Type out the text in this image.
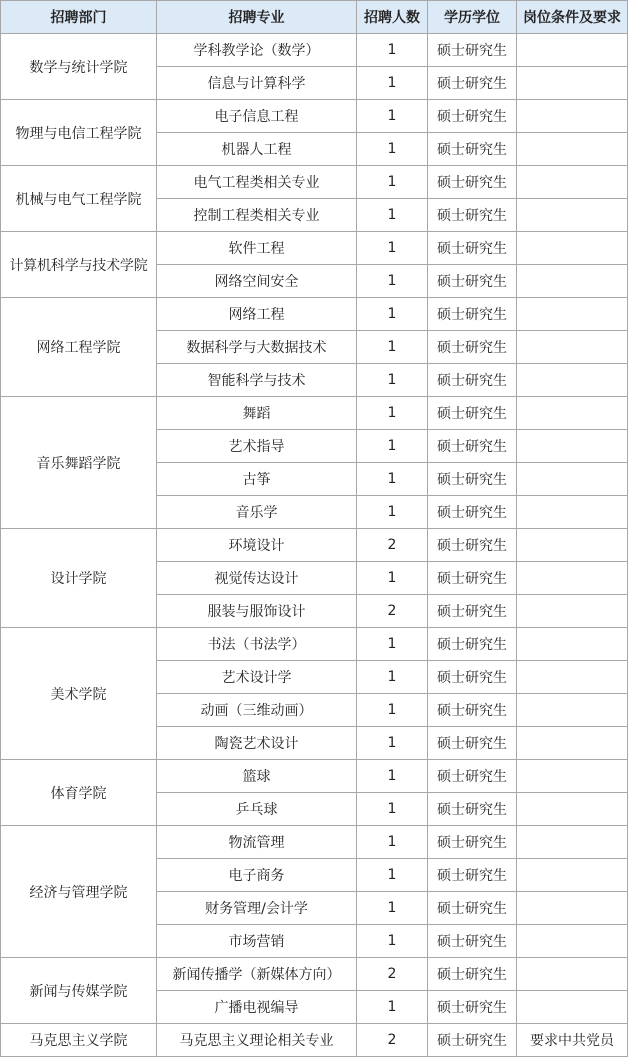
招聘部门	招聘专业	招聘人数	学历学位	岗位条件及要求
数学与统计学院	学科教学论（数学）	1	硕士研究生	
	信息与计算科学	1	硕士研究生	
物理与电信工程学院	电子信息工程	1	硕士研究生	
	机器人工程	1	硕士研究生	
机械与电气工程学院	电气工程类相关专业	1	硕士研究生	
	控制工程类相关专业	1	硕士研究生	
计算机科学与技术学院	软件工程	1	硕士研究生	
	网络空间安全	1	硕士研究生	
网络工程学院	网络工程	1	硕士研究生	
	数据科学与大数据技术	1	硕士研究生	
	智能科学与技术	1	硕士研究生	
音乐舞蹈学院	舞蹈	1	硕士研究生	
	艺术指导	1	硕士研究生	
	古筝	1	硕士研究生	
	音乐学	1	硕士研究生	
设计学院	环境设计	2	硕士研究生	
	视觉传达设计	1	硕士研究生	
	服装与服饰设计	2	硕士研究生	
美术学院	书法（书法学）	1	硕士研究生	
	艺术设计学	1	硕士研究生	
	动画（三维动画）	1	硕士研究生	
	陶瓷艺术设计	1	硕士研究生	
体育学院	篮球	1	硕士研究生	
	乒乓球	1	硕士研究生	
经济与管理学院	物流管理	1	硕士研究生	
	电子商务	1	硕士研究生	
	财务管理/会计学	1	硕士研究生	
	市场营销	1	硕士研究生	
新闻与传媒学院	新闻传播学（新媒体方向）	2	硕士研究生	
	广播电视编导	1	硕士研究生	
马克思主义学院	马克思主义理论相关专业	2	硕士研究生	要求中共党员
